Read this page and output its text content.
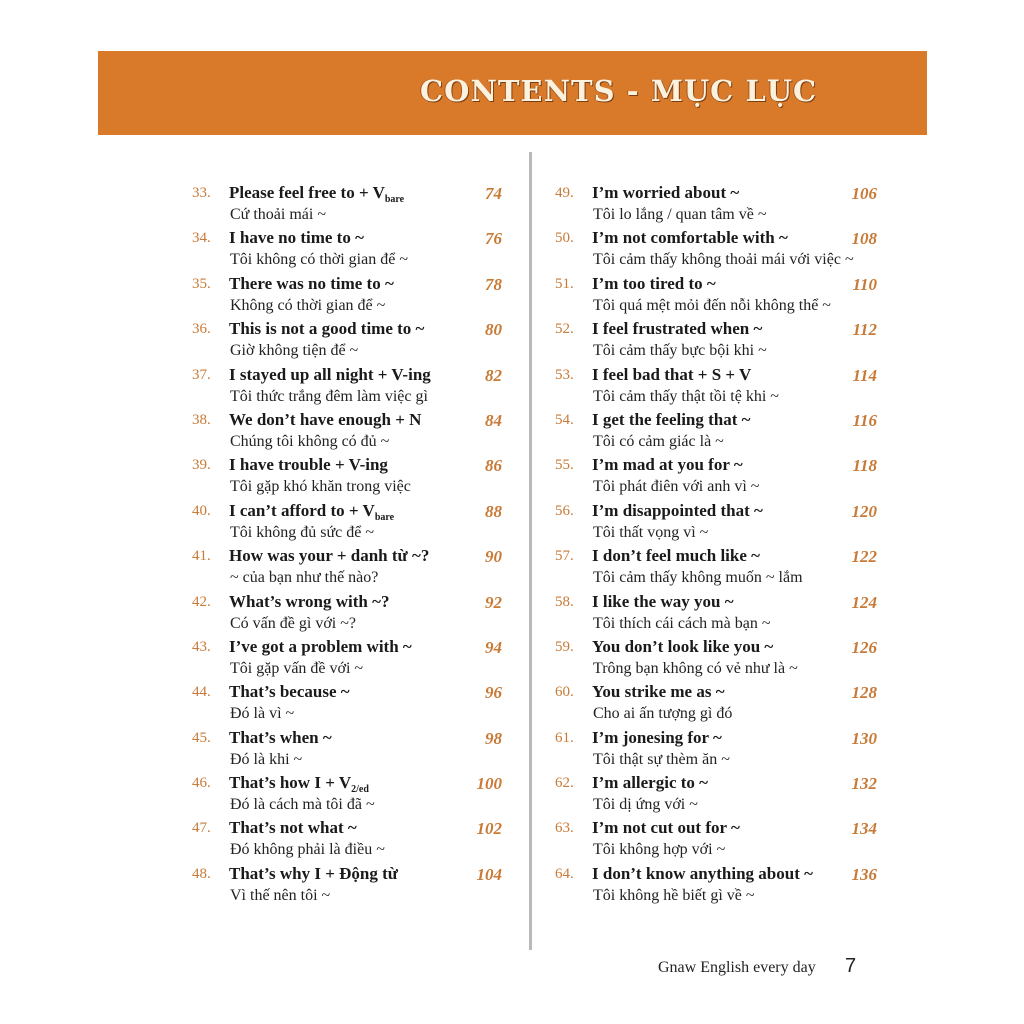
CONTENTS - MỤC LỤC
33. Please feel free to + $V_{bare}$	74
Cứ thoải mái ~
34. I have no time to ~	76
Tôi không có thời gian để ~
35. There was no time to ~	78
Không có thời gian để ~
36. This is not a good time to ~	80
Giờ không tiện để ~
37. I stayed up all night + V-ing	82
Tôi thức trắng đêm làm việc gì
38. We don’t have enough + N	84
Chúng tôi không có đủ ~
39. I have trouble + V-ing	86
Tôi gặp khó khăn trong việc
40. I can’t afford to + $V_{bare}$	88
Tôi không đủ sức để ~
41. How was your + danh từ ~?	90
~ của bạn như thế nào?
42. What’s wrong with ~?	92
Có vấn đề gì với ~?
43. I’ve got a problem with ~	94
Tôi gặp vấn đề với ~
44. That’s because ~	96
Đó là vì ~
45. That’s when ~	98
Đó là khi ~
46. That’s how $I + V_{2/ed}$	100
Đó là cách mà tôi đã ~
47. That’s not what ~	102
Đó không phải là điều ~
48. That’s why I + Động từ	104
Vì thế nên tôi ~
49. I’m worried about ~	106
Tôi lo lắng / quan tâm về ~
50. I’m not comfortable with ~	108
Tôi cảm thấy không thoải mái với việc ~
51. I’m too tired to ~	110
Tôi quá mệt mỏi đến nỗi không thể ~
52. I feel frustrated when ~	112
Tôi cảm thấy bực bội khi ~
53. I feel bad that + S + V	114
Tôi cảm thấy thật tồi tệ khi ~
54. I get the feeling that ~	116
Tôi có cảm giác là ~
55. I’m mad at you for ~	118
Tôi phát điên với anh vì ~
56. I’m disappointed that ~	120
Tôi thất vọng vì ~
57. I don’t feel much like ~	122
Tôi cảm thấy không muốn ~ lắm
58. I like the way you ~	124
Tôi thích cái cách mà bạn ~
59. You don’t look like you ~	126
Trông bạn không có vẻ như là ~
60. You strike me as ~	128
Cho ai ấn tượng gì đó
61. I’m jonesing for ~	130
Tôi thật sự thèm ăn ~
62. I’m allergic to ~	132
Tôi dị ứng với ~
63. I’m not cut out for ~	134
Tôi không hợp với ~
64. I don’t know anything about ~	136
Tôi không hề biết gì về ~
Gnaw English every day 7
